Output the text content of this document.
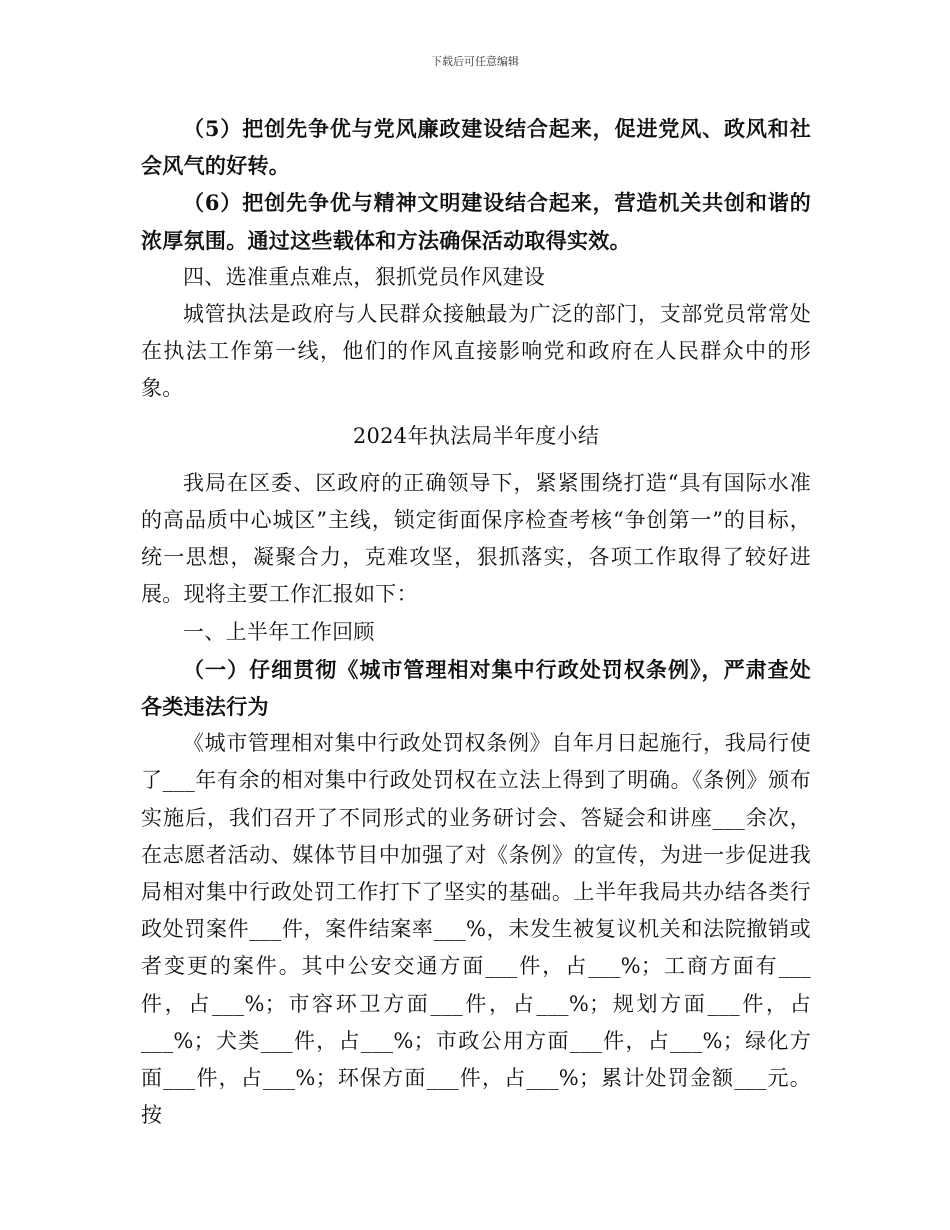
下载后可任意编辑

（5）把创先争优与党风廉政建设结合起来，促进党风、政风和社会风气的好转。

（6）把创先争优与精神文明建设结合起来，营造机关共创和谐的浓厚氛围。通过这些载体和方法确保活动取得实效。

四、选准重点难点，狠抓党员作风建设

城管执法是政府与人民群众接触最为广泛的部门，支部党员常常处在执法工作第一线，他们的作风直接影响党和政府在人民群众中的形象。

2024年执法局半年度小结

我局在区委、区政府的正确领导下，紧紧围绕打造“具有国际水准的高品质中心城区”主线，锁定街面保序检查考核“争创第一”的目标，统一思想，凝聚合力，克难攻坚，狠抓落实，各项工作取得了较好进展。现将主要工作汇报如下：

一、上半年工作回顾

（一）仔细贯彻《城市管理相对集中行政处罚权条例》，严肃查处各类违法行为

《城市管理相对集中行政处罚权条例》自年月日起施行，我局行使了___年有余的相对集中行政处罚权在立法上得到了明确。《条例》颁布实施后，我们召开了不同形式的业务研讨会、答疑会和讲座___余次，在志愿者活动、媒体节目中加强了对《条例》的宣传，为进一步促进我局相对集中行政处罚工作打下了坚实的基础。上半年我局共办结各类行政处罚案件___件，案件结案率___%，未发生被复议机关和法院撤销或者变更的案件。其中公安交通方面___件，占___%；工商方面有___件，占___%；市容环卫方面___件，占___%；规划方面___件，占___%；犬类___件，占___%；市政公用方面___件，占___%；绿化方面___件，占___%；环保方面___件，占___%；累计处罚金额___元。按
